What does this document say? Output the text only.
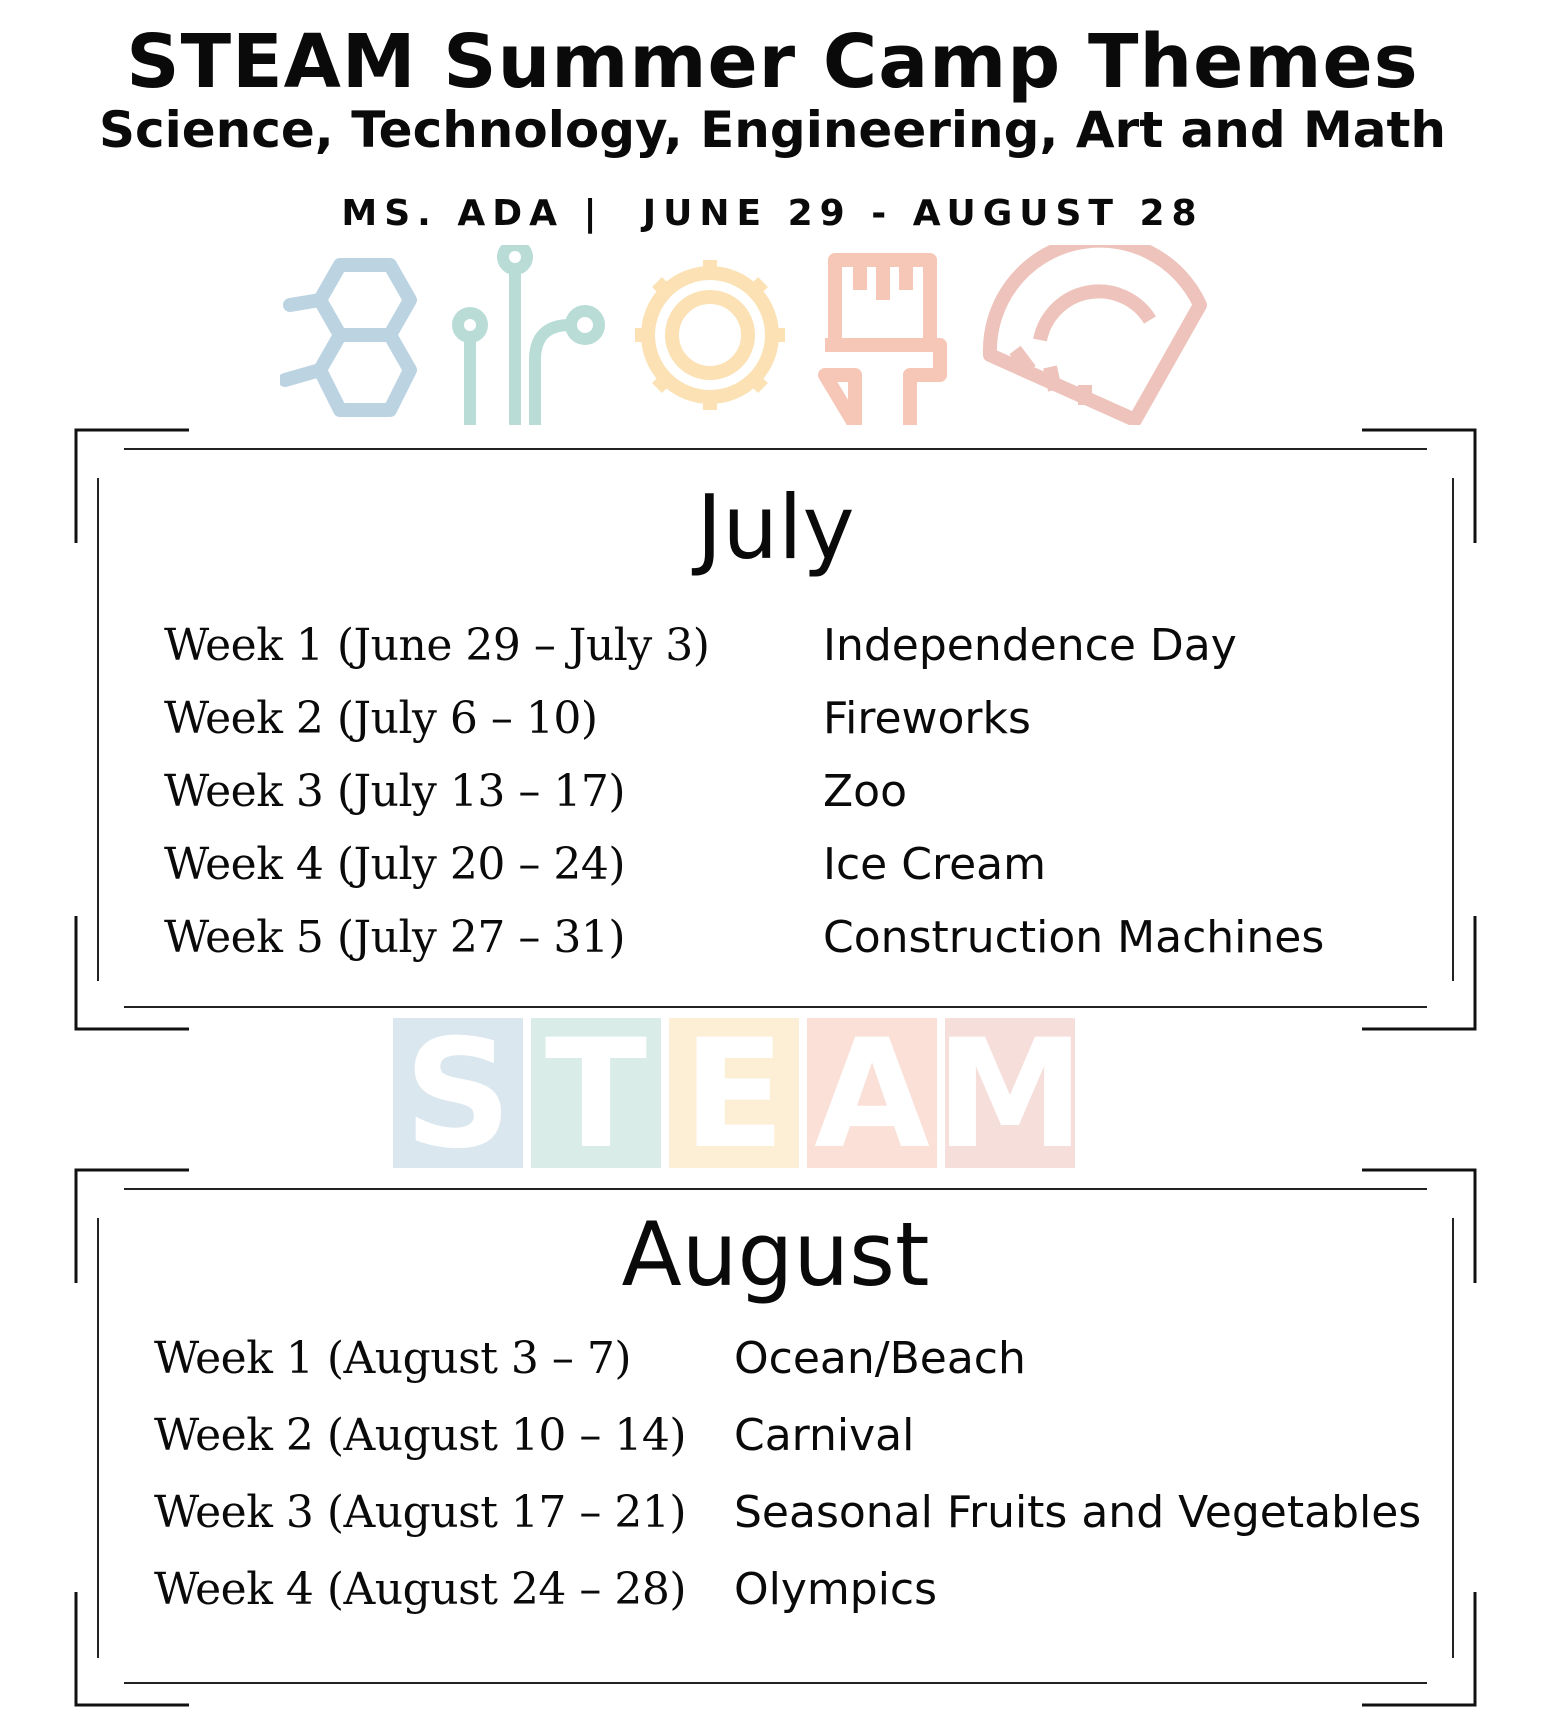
STEAM Summer Camp Themes
Science, Technology, Engineering, Art and Math
MS. ADA | JUNE 29 - AUGUST 28
S T E A M
July
Week 1 (June 29 – July 3)	Independence Day
Week 2 (July 6 – 10)	Fireworks
Week 3 (July 13 – 17)	Zoo
Week 4 (July 20 – 24)	Ice Cream
Week 5 (July 27 – 31)	Construction Machines
August
Week 1 (August 3 – 7) Ocean/Beach
Week 2 (August 10 – 14) Carnival
Week 3 (August 17 – 21) Seasonal Fruits and Vegetables
Week 4 (August 24 – 28) Olympics
